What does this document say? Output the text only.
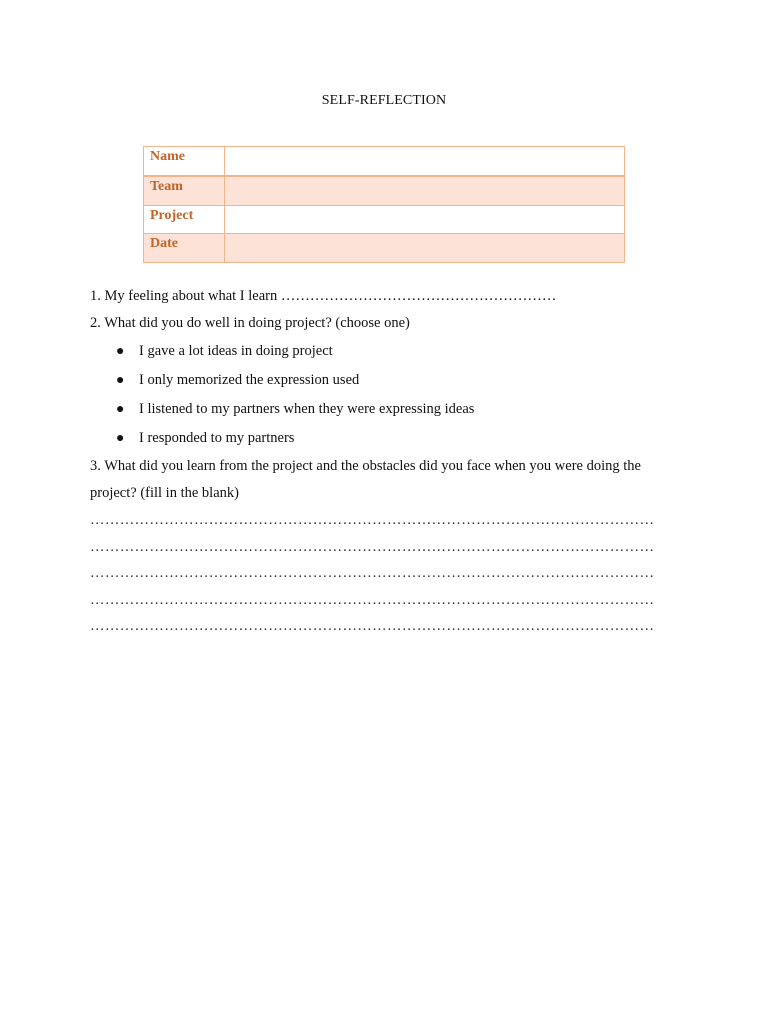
SELF-REFLECTION
Name	
Team	
Project	
Date	
1. My feeling about what I learn …………………………………………………
2. What did you do well in doing project? (choose one)
● I gave a lot ideas in doing project
● I only memorized the expression used
● I listened to my partners when they were expressing ideas
● I responded to my partners
3. What did you learn from the project and the obstacles did you face when you were doing the project? (fill in the blank)
……………………………………………………………………………………………………
……………………………………………………………………………………………………
……………………………………………………………………………………………………
……………………………………………………………………………………………………
……………………………………………………………………………………………………
